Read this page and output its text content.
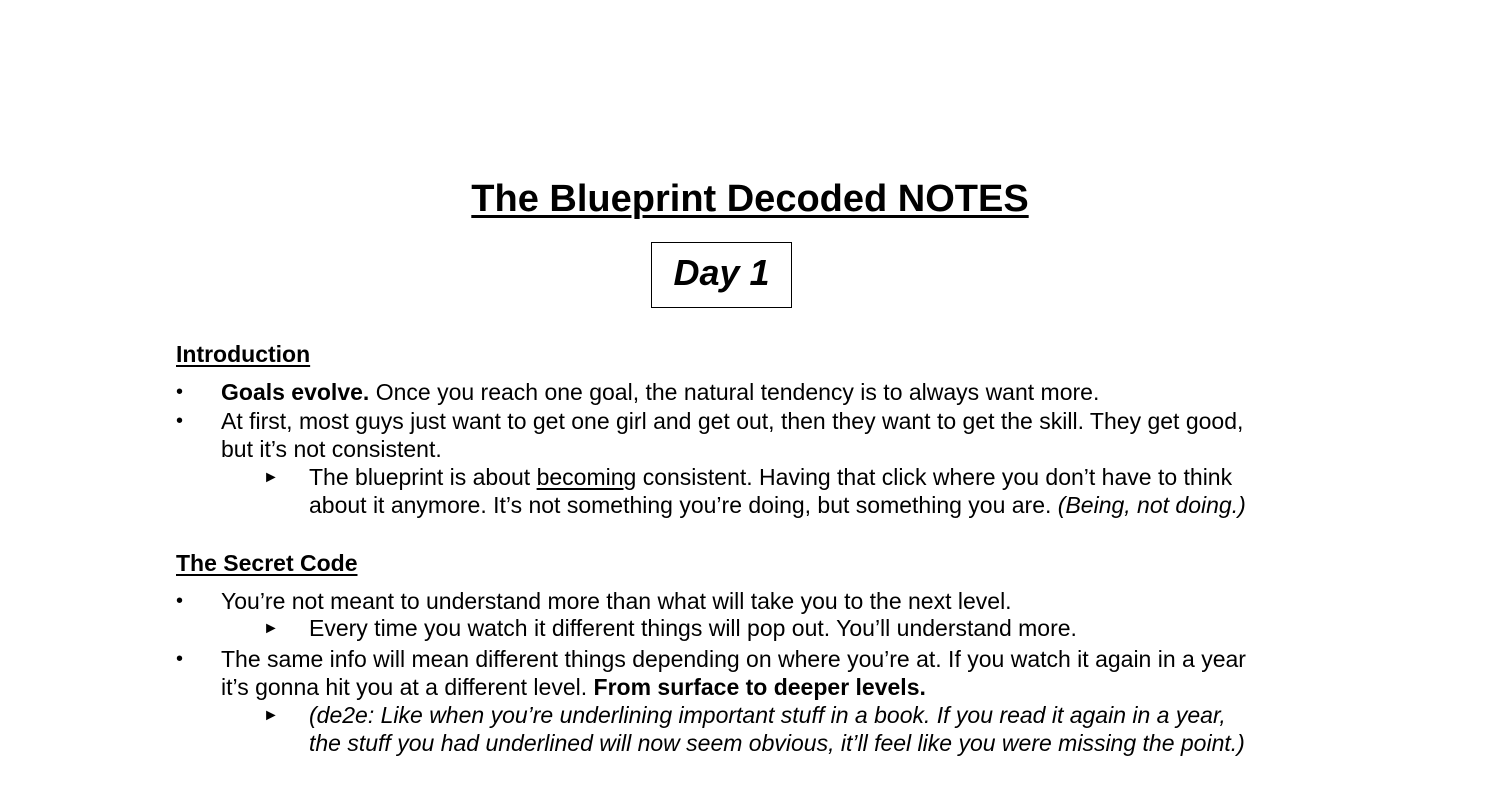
The Blueprint Decoded NOTES
Day 1
Introduction
• Goals evolve. Once you reach one goal, the natural tendency is to always want more.
• At first, most guys just want to get one girl and get out, then they want to get the skill. They get good,
but it’s not consistent.
► The blueprint is about becoming consistent. Having that click where you don’t have to think
about it anymore. It’s not something you’re doing, but something you are. (Being, not doing.)
The Secret Code
• You’re not meant to understand more than what will take you to the next level.
► Every time you watch it different things will pop out. You’ll understand more.
• The same info will mean different things depending on where you’re at. If you watch it again in a year
it’s gonna hit you at a different level. From surface to deeper levels.
► (de2e: Like when you’re underlining important stuff in a book. If you read it again in a year,
the stuff you had underlined will now seem obvious, it’ll feel like you were missing the point.)
